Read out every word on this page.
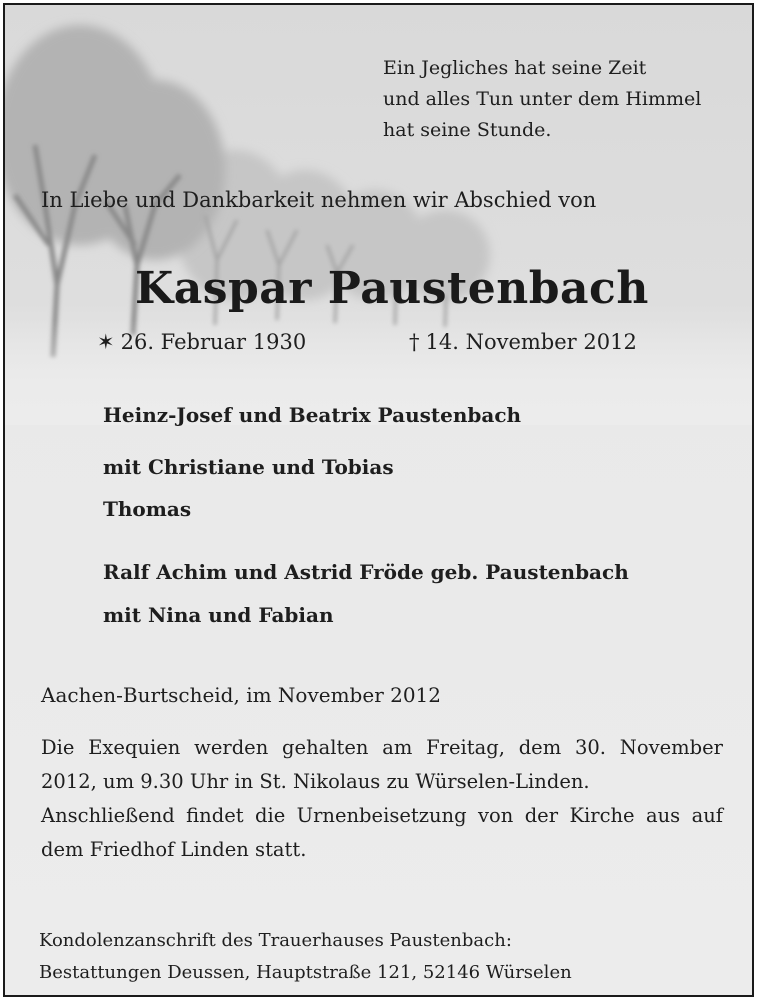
Ein Jegliches hat seine Zeit
und alles Tun unter dem Himmel
hat seine Stunde.
In Liebe und Dankbarkeit nehmen wir Abschied von
Kaspar Paustenbach
✶ 26. Februar 1930	† 14. November 2012
Heinz-Josef und Beatrix Paustenbach
mit Christiane und Tobias
Thomas
Ralf Achim und Astrid Fröde geb. Paustenbach
mit Nina und Fabian
Aachen-Burtscheid, im November 2012

Die Exequien werden gehalten am Freitag, dem 30. November 2012, um 9.30 Uhr in St. Nikolaus zu Würselen-Linden.

Anschließend findet die Urnenbeisetzung von der Kirche aus auf dem Friedhof Linden statt.

Kondolenzanschrift des Trauerhauses Paustenbach:
Bestattungen Deussen, Hauptstraße 121, 52146 Würselen
